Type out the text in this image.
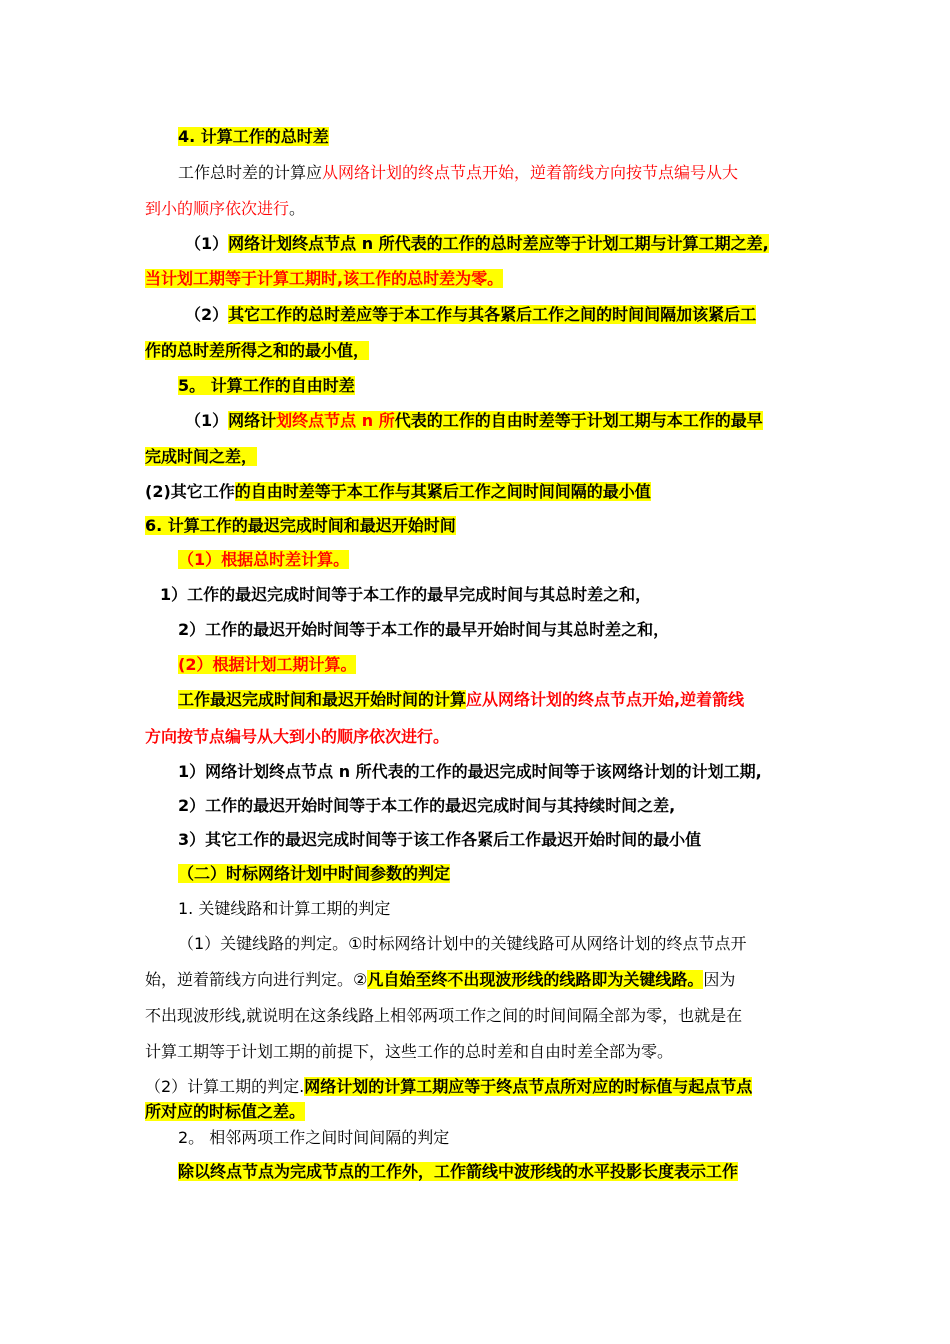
4. 计算工作的总时差
工作总时差的计算应从网络计划的终点节点开始，逆着箭线方向按节点编号从大
到小的顺序依次进行。
（1）网络计划终点节点 n 所代表的工作的总时差应等于计划工期与计算工期之差,
当计划工期等于计算工期时,该工作的总时差为零。
（2）其它工作的总时差应等于本工作与其各紧后工作之间的时间间隔加该紧后工
作的总时差所得之和的最小值，
5。 计算工作的自由时差
（1）网络计划终点节点 n 所代表的工作的自由时差等于计划工期与本工作的最早
完成时间之差，
(2)其它工作的自由时差等于本工作与其紧后工作之间时间间隔的最小值
6. 计算工作的最迟完成时间和最迟开始时间
（1）根据总时差计算。
1）工作的最迟完成时间等于本工作的最早完成时间与其总时差之和，
2）工作的最迟开始时间等于本工作的最早开始时间与其总时差之和，
(2）根据计划工期计算。
工作最迟完成时间和最迟开始时间的计算应从网络计划的终点节点开始,逆着箭线
方向按节点编号从大到小的顺序依次进行。
1）网络计划终点节点 n 所代表的工作的最迟完成时间等于该网络计划的计划工期,
2）工作的最迟开始时间等于本工作的最迟完成时间与其持续时间之差,
3）其它工作的最迟完成时间等于该工作各紧后工作最迟开始时间的最小值
（二）时标网络计划中时间参数的判定
1. 关键线路和计算工期的判定
（1）关键线路的判定。①时标网络计划中的关键线路可从网络计划的终点节点开
始，逆着箭线方向进行判定。②凡自始至终不出现波形线的线路即为关键线路。因为
不出现波形线,就说明在这条线路上相邻两项工作之间的时间间隔全部为零，也就是在
计算工期等于计划工期的前提下，这些工作的总时差和自由时差全部为零。
（2）计算工期的判定.网络计划的计算工期应等于终点节点所对应的时标值与起点节点
所对应的时标值之差。
2。 相邻两项工作之间时间间隔的判定
除以终点节点为完成节点的工作外，工作箭线中波形线的水平投影长度表示工作
